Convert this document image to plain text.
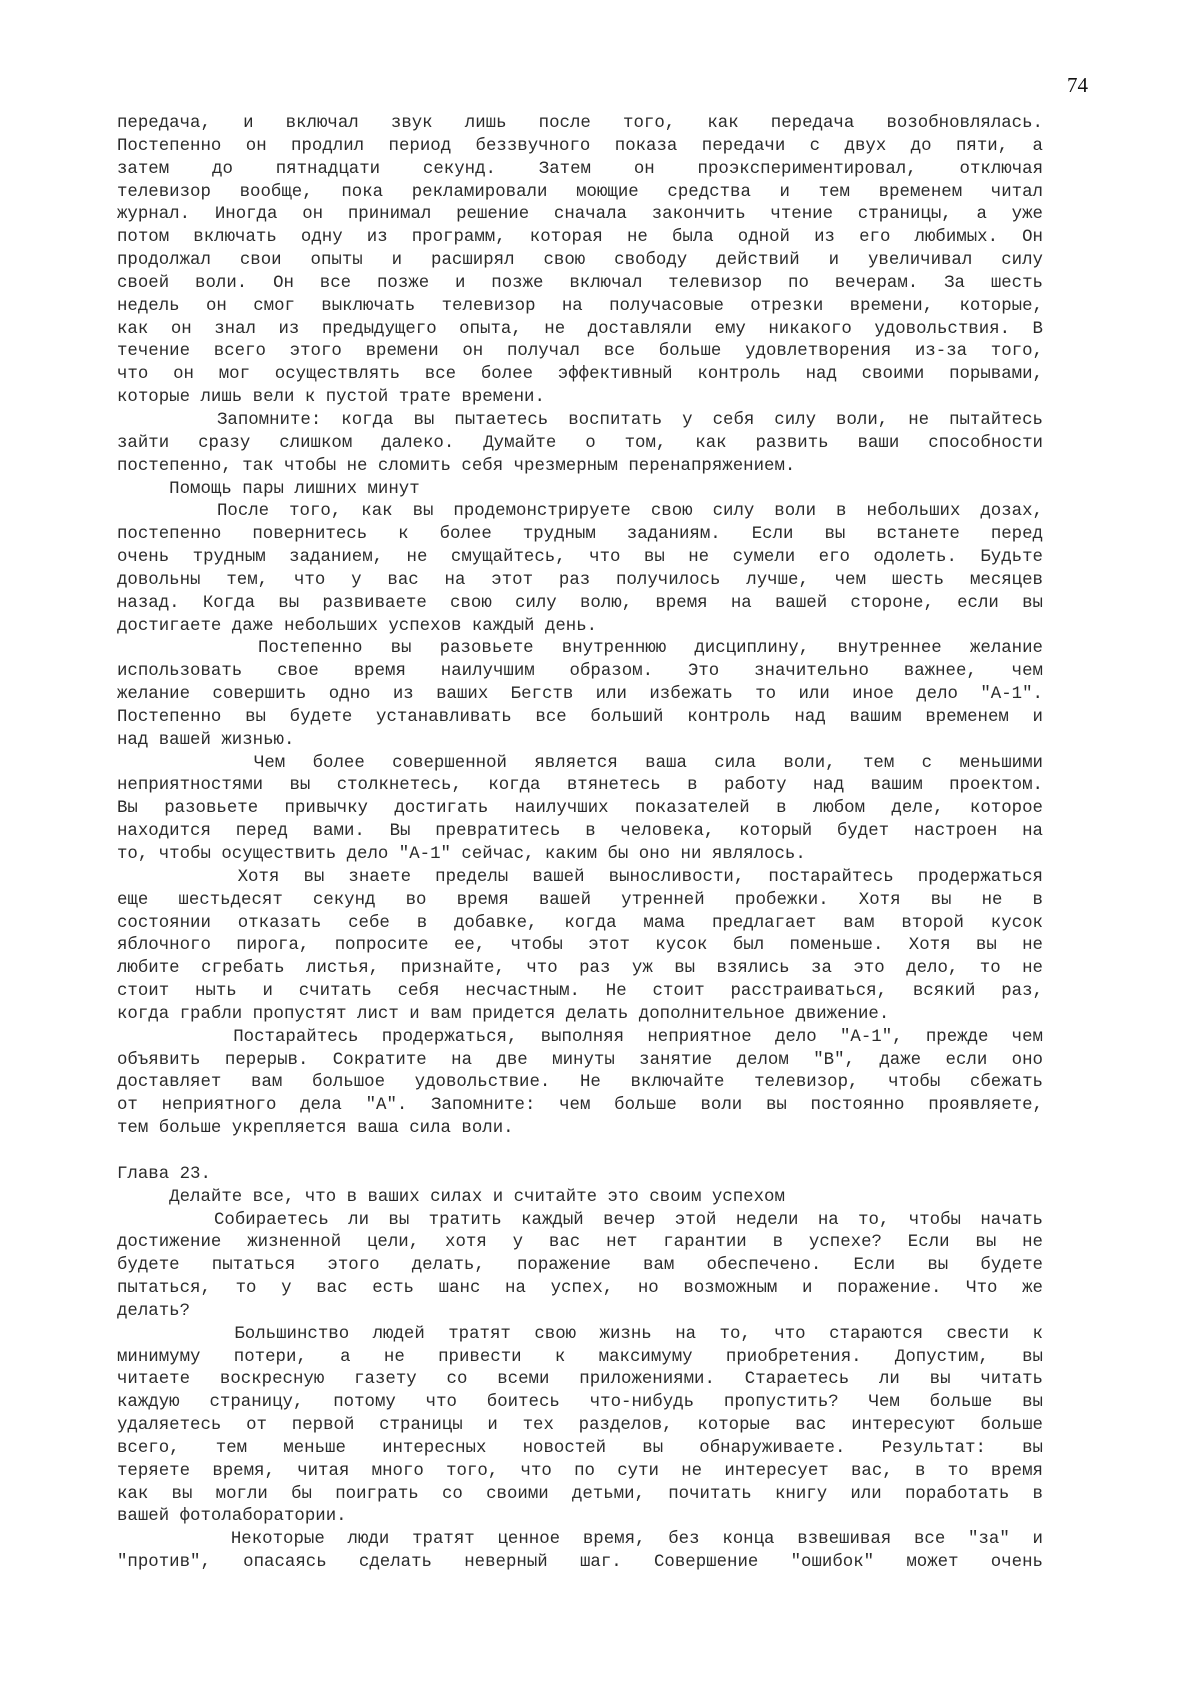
74
передача, и включал звук лишь после того, как передача возобновлялась.
Постепенно он продлил период беззвучного показа передачи с двух до пяти, а
затем до пятнадцати секунд. Затем он проэкспериментировал, отключая
телевизор вообще, пока рекламировали моющие средства и тем временем читал
журнал. Иногда он принимал решение сначала закончить чтение страницы, а уже
потом включать одну из программ, которая не была одной из его любимых. Он
продолжал свои опыты и расширял свою свободу действий и увеличивал силу
своей воли. Он все позже и позже включал телевизор по вечерам. За шесть
недель он смог выключать телевизор на получасовые отрезки времени, которые,
как он знал из предыдущего опыта, не доставляли ему никакого удовольствия. В
течение всего этого времени он получал все больше удовлетворения из-за того,
что он мог осуществлять все более эффективный контроль над своими порывами,
которые лишь вели к пустой трате времени.
Запомните: когда вы пытаетесь воспитать у себя силу воли, не пытайтесь
зайти сразу слишком далеко. Думайте о том, как развить ваши способности
постепенно, так чтобы не сломить себя чрезмерным перенапряжением.
Помощь пары лишних минут
После того, как вы продемонстрируете свою силу воли в небольших дозах,
постепенно повернитесь к более трудным заданиям. Если вы встанете перед
очень трудным заданием, не смущайтесь, что вы не сумели его одолеть. Будьте
довольны тем, что у вас на этот раз получилось лучше, чем шесть месяцев
назад. Когда вы развиваете свою силу волю, время на вашей стороне, если вы
достигаете даже небольших успехов каждый день.
Постепенно вы разовьете внутреннюю дисциплину, внутреннее желание
использовать свое время наилучшим образом. Это значительно важнее, чем
желание совершить одно из ваших Бегств или избежать то или иное дело "А-1".
Постепенно вы будете устанавливать все больший контроль над вашим временем и
над вашей жизнью.
Чем более совершенной является ваша сила воли, тем с меньшими
неприятностями вы столкнетесь, когда втянетесь в работу над вашим проектом.
Вы разовьете привычку достигать наилучших показателей в любом деле, которое
находится перед вами. Вы превратитесь в человека, который будет настроен на
то, чтобы осуществить дело "А-1" сейчас, каким бы оно ни являлось.
Хотя вы знаете пределы вашей выносливости, постарайтесь продержаться
еще шестьдесят секунд во время вашей утренней пробежки. Хотя вы не в
состоянии отказать себе в добавке, когда мама предлагает вам второй кусок
яблочного пирога, попросите ее, чтобы этот кусок был поменьше. Хотя вы не
любите сгребать листья, признайте, что раз уж вы взялись за это дело, то не
стоит ныть и считать себя несчастным. Не стоит расстраиваться, всякий раз,
когда грабли пропустят лист и вам придется делать дополнительное движение.
Постарайтесь продержаться, выполняя неприятное дело "А-1", прежде чем
объявить перерыв. Сократите на две минуты занятие делом "В", даже если оно
доставляет вам большое удовольствие. Не включайте телевизор, чтобы сбежать
от неприятного дела "А". Запомните: чем больше воли вы постоянно проявляете,
тем больше укрепляется ваша сила воли.
Глава 23.
Делайте все, что в ваших силах и считайте это своим успехом
Собираетесь ли вы тратить каждый вечер этой недели на то, чтобы начать
достижение жизненной цели, хотя у вас нет гарантии в успехе? Если вы не
будете пытаться этого делать, поражение вам обеспечено. Если вы будете
пытаться, то у вас есть шанс на успех, но возможным и поражение. Что же
делать?
Большинство людей тратят свою жизнь на то, что стараются свести к
минимуму потери, а не привести к максимуму приобретения. Допустим, вы
читаете воскресную газету со всеми приложениями. Стараетесь ли вы читать
каждую страницу, потому что боитесь что-нибудь пропустить? Чем больше вы
удаляетесь от первой страницы и тех разделов, которые вас интересуют больше
всего, тем меньше интересных новостей вы обнаруживаете. Результат: вы
теряете время, читая много того, что по сути не интересует вас, в то время
как вы могли бы поиграть со своими детьми, почитать книгу или поработать в
вашей фотолаборатории.
Некоторые люди тратят ценное время, без конца взвешивая все "за" и
"против", опасаясь сделать неверный шаг. Совершение "ошибок" может очень
